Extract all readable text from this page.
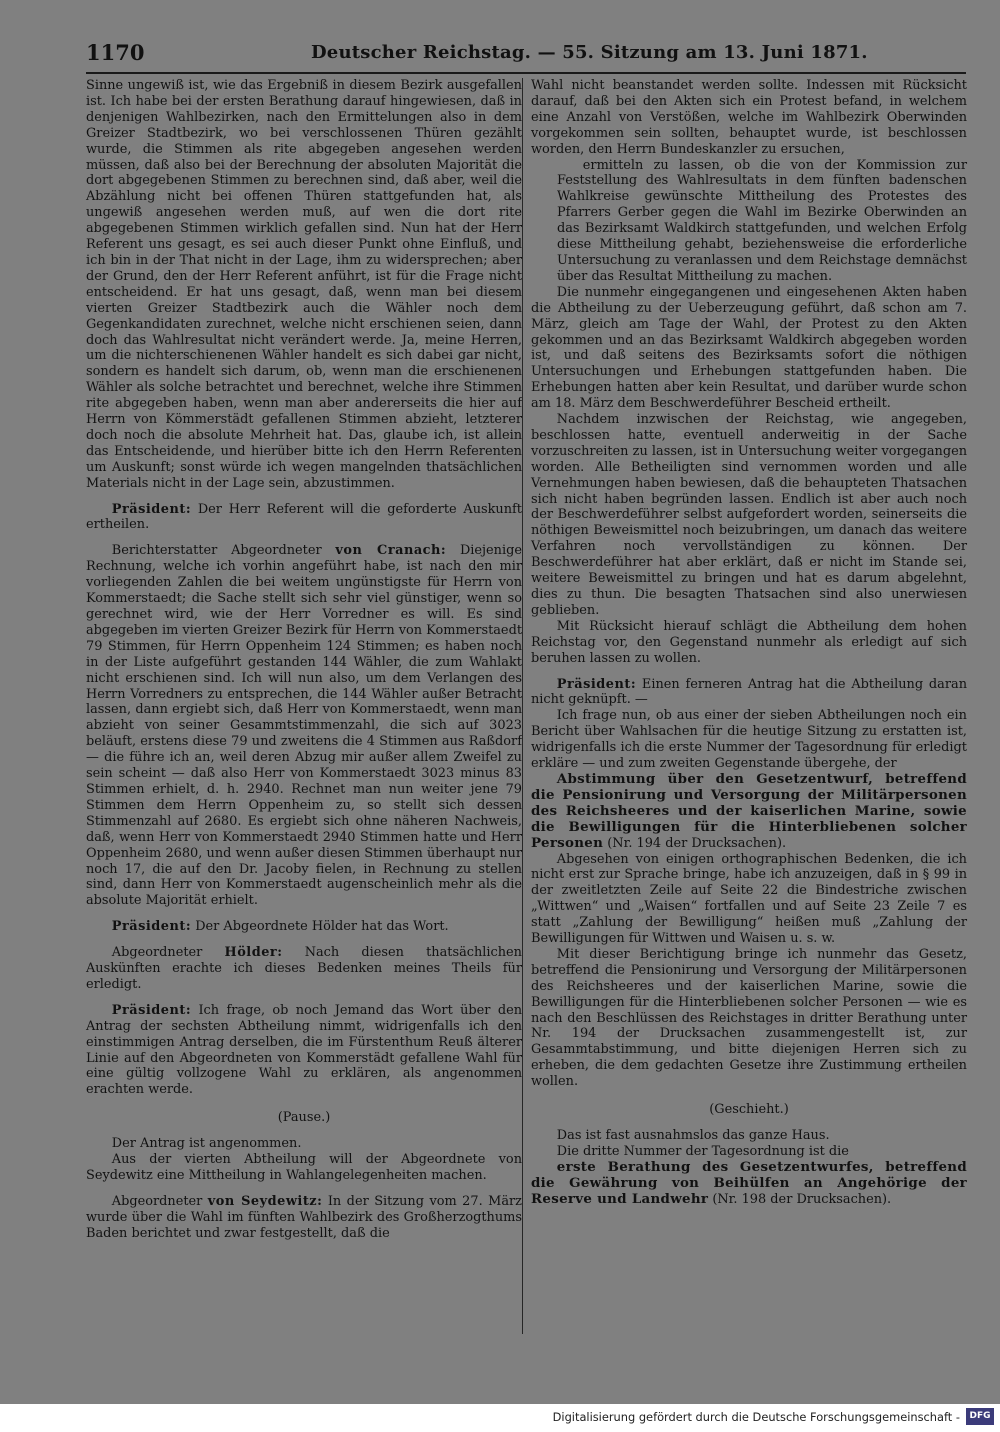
1170	Deutscher Reichstag. — 55. Sitzung am 13. Juni 1871.

Sinne ungewiß ist, wie das Ergebniß in diesem Bezirk ausgefallen ist. Ich habe bei der ersten Berathung darauf hingewiesen, daß in denjenigen Wahlbezirken, nach den Ermittelungen also in dem Greizer Stadtbezirk, wo bei verschlossenen Thüren gezählt wurde, die Stimmen als rite abgegeben angesehen werden müssen, daß also bei der Berechnung der absoluten Majorität die dort abgegebenen Stimmen zu berechnen sind, daß aber, weil die Abzählung nicht bei offenen Thüren stattgefunden hat, als ungewiß angesehen werden muß, auf wen die dort rite abgegebenen Stimmen wirklich gefallen sind. Nun hat der Herr Referent uns gesagt, es sei auch dieser Punkt ohne Einfluß, und ich bin in der That nicht in der Lage, ihm zu widersprechen; aber der Grund, den der Herr Referent anführt, ist für die Frage nicht entscheidend. Er hat uns gesagt, daß, wenn man bei diesem vierten Greizer Stadtbezirk auch die Wähler noch dem Gegenkandidaten zurechnet, welche nicht erschienen seien, dann doch das Wahlresultat nicht verändert werde. Ja, meine Herren, um die nichterschienenen Wähler handelt es sich dabei gar nicht, sondern es handelt sich darum, ob, wenn man die erschienenen Wähler als solche betrachtet und berechnet, welche ihre Stimmen rite abgegeben haben, wenn man aber andererseits die hier auf Herrn von Kömmerstädt gefallenen Stimmen abzieht, letzterer doch noch die absolute Mehrheit hat. Das, glaube ich, ist allein das Entscheidende, und hierüber bitte ich den Herrn Referenten um Auskunft; sonst würde ich wegen mangelnden thatsächlichen Materials nicht in der Lage sein, abzustimmen.

Präsident: Der Herr Referent will die geforderte Auskunft ertheilen.

Berichterstatter Abgeordneter von Cranach: Diejenige Rechnung, welche ich vorhin angeführt habe, ist nach den mir vorliegenden Zahlen die bei weitem ungünstigste für Herrn von Kommerstaedt; die Sache stellt sich sehr viel günstiger, wenn so gerechnet wird, wie der Herr Vorredner es will. Es sind abgegeben im vierten Greizer Bezirk für Herrn von Kommerstaedt 79 Stimmen, für Herrn Oppenheim 124 Stimmen; es haben noch in der Liste aufgeführt gestanden 144 Wähler, die zum Wahlakt nicht erschienen sind. Ich will nun also, um dem Verlangen des Herrn Vorredners zu entsprechen, die 144 Wähler außer Betracht lassen, dann ergiebt sich, daß Herr von Kommerstaedt, wenn man abzieht von seiner Gesammtstimmenzahl, die sich auf 3023 beläuft, erstens diese 79 und zweitens die 4 Stimmen aus Raßdorf — die führe ich an, weil deren Abzug mir außer allem Zweifel zu sein scheint — daß also Herr von Kommerstaedt 3023 minus 83 Stimmen erhielt, d. h. 2940. Rechnet man nun weiter jene 79 Stimmen dem Herrn Oppenheim zu, so stellt sich dessen Stimmenzahl auf 2680. Es ergiebt sich ohne näheren Nachweis, daß, wenn Herr von Kommerstaedt 2940 Stimmen hatte und Herr Oppenheim 2680, und wenn außer diesen Stimmen überhaupt nur noch 17, die auf den Dr. Jacoby fielen, in Rechnung zu stellen sind, dann Herr von Kommerstaedt augenscheinlich mehr als die absolute Majorität erhielt.

Präsident: Der Abgeordnete Hölder hat das Wort.

Abgeordneter Hölder: Nach diesen thatsächlichen Auskünften erachte ich dieses Bedenken meines Theils für erledigt.

Präsident: Ich frage, ob noch Jemand das Wort über den Antrag der sechsten Abtheilung nimmt, widrigenfalls ich den einstimmigen Antrag derselben, die im Fürstenthum Reuß älterer Linie auf den Abgeordneten von Kommerstädt gefallene Wahl für eine gültig vollzogene Wahl zu erklären, als angenommen erachten werde.

(Pause.)

Der Antrag ist angenommen.

Aus der vierten Abtheilung will der Abgeordnete von Seydewitz eine Mittheilung in Wahlangelegenheiten machen.

Abgeordneter von Seydewitz: In der Sitzung vom 27. März wurde über die Wahl im fünften Wahlbezirk des Großherzogthums Baden berichtet und zwar festgestellt, daß die

Wahl nicht beanstandet werden sollte. Indessen mit Rücksicht darauf, daß bei den Akten sich ein Protest befand, in welchem eine Anzahl von Verstößen, welche im Wahlbezirk Oberwinden vorgekommen sein sollten, behauptet wurde, ist beschlossen worden, den Herrn Bundeskanzler zu ersuchen,

ermitteln zu lassen, ob die von der Kommission zur Feststellung des Wahlresultats in dem fünften badenschen Wahlkreise gewünschte Mittheilung des Protestes des Pfarrers Gerber gegen die Wahl im Bezirke Oberwinden an das Bezirksamt Waldkirch stattgefunden, und welchen Erfolg diese Mittheilung gehabt, beziehensweise die erforderliche Untersuchung zu veranlassen und dem Reichstage demnächst über das Resultat Mittheilung zu machen.

Die nunmehr eingegangenen und eingesehenen Akten haben die Abtheilung zu der Ueberzeugung geführt, daß schon am 7. März, gleich am Tage der Wahl, der Protest zu den Akten gekommen und an das Bezirksamt Waldkirch abgegeben worden ist, und daß seitens des Bezirksamts sofort die nöthigen Untersuchungen und Erhebungen stattgefunden haben. Die Erhebungen hatten aber kein Resultat, und darüber wurde schon am 18. März dem Beschwerdeführer Bescheid ertheilt.

Nachdem inzwischen der Reichstag, wie angegeben, beschlossen hatte, eventuell anderweitig in der Sache vorzuschreiten zu lassen, ist in Untersuchung weiter vorgegangen worden. Alle Betheiligten sind vernommen worden und alle Vernehmungen haben bewiesen, daß die behaupteten Thatsachen sich nicht haben begründen lassen. Endlich ist aber auch noch der Beschwerdeführer selbst aufgefordert worden, seinerseits die nöthigen Beweismittel noch beizubringen, um danach das weitere Verfahren noch vervollständigen zu können. Der Beschwerdeführer hat aber erklärt, daß er nicht im Stande sei, weitere Beweismittel zu bringen und hat es darum abgelehnt, dies zu thun. Die besagten Thatsachen sind also unerwiesen geblieben.

Mit Rücksicht hierauf schlägt die Abtheilung dem hohen Reichstag vor, den Gegenstand nunmehr als erledigt auf sich beruhen lassen zu wollen.

Präsident: Einen ferneren Antrag hat die Abtheilung daran nicht geknüpft. —

Ich frage nun, ob aus einer der sieben Abtheilungen noch ein Bericht über Wahlsachen für die heutige Sitzung zu erstatten ist, widrigenfalls ich die erste Nummer der Tagesordnung für erledigt erkläre — und zum zweiten Gegenstande übergehe, der

Abstimmung über den Gesetzentwurf, betreffend die Pensionirung und Versorgung der Militärpersonen des Reichsheeres und der kaiserlichen Marine, sowie die Bewilligungen für die Hinterbliebenen solcher Personen (Nr. 194 der Drucksachen).

Abgesehen von einigen orthographischen Bedenken, die ich nicht erst zur Sprache bringe, habe ich anzuzeigen, daß in § 99 in der zweitletzten Zeile auf Seite 22 die Bindestriche zwischen „Wittwen“ und „Waisen“ fortfallen und auf Seite 23 Zeile 7 es statt „Zahlung der Bewilligung“ heißen muß „Zahlung der Bewilligungen für Wittwen und Waisen u. s. w.

Mit dieser Berichtigung bringe ich nunmehr das Gesetz, betreffend die Pensionirung und Versorgung der Militärpersonen des Reichsheeres und der kaiserlichen Marine, sowie die Bewilligungen für die Hinterbliebenen solcher Personen — wie es nach den Beschlüssen des Reichstages in dritter Berathung unter Nr. 194 der Drucksachen zusammengestellt ist, zur Gesammtabstimmung, und bitte diejenigen Herren sich zu erheben, die dem gedachten Gesetze ihre Zustimmung ertheilen wollen.

(Geschieht.)

Das ist fast ausnahmslos das ganze Haus.

Die dritte Nummer der Tagesordnung ist die

erste Berathung des Gesetzentwurfes, betreffend die Gewährung von Beihülfen an Angehörige der Reserve und Landwehr (Nr. 198 der Drucksachen).

Digitalisierung gefördert durch die Deutsche Forschungsgemeinschaft -	DFG
